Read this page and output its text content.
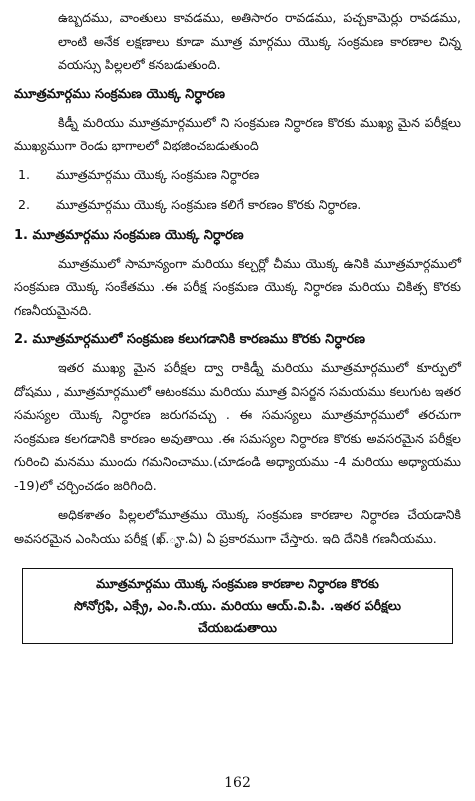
ఉబ్బదము, వాంతులు కావడము, అతిసారం రావడము, పచ్చకామెర్లు రావడము, లాంటి అనేక లక్షణాలు కూడా మూత్ర మార్గము యొక్క సంక్రమణ కారణాల చిన్న వయస్సు పిల్లలలో కనబడుతుంది.

మూత్రమార్గము సంక్రమణ యొక్క నిర్ధారణ

కిడ్నీ మరియు మూత్రమార్గములో ని సంక్రమణ నిర్ధారణ కొరకు ముఖ్య మైన పరీక్షలు ముఖ్యముగా రెండు భాగాలలో విభజించబడుతుంది

1.	మూత్రమార్గము యొక్క సంక్రమణ నిర్ధారణ
2.	మూత్రమార్గము యొక్క సంక్రమణ కలిగే కారణం కొరకు నిర్ధారణ.
1. మూత్రమార్గము సంక్రమణ యొక్క నిర్ధారణ

మూత్రములో సామాన్యంగా మరియు కల్చర్లో చీము యొక్క ఉనికి మూత్రమార్గములో సంక్రమణ యొక్క సంకేతము .ఈ పరీక్ష సంక్రమణ యొక్క నిర్ధారణ మరియు చికిత్స కొరకు గణనీయమైనది.

2. మూత్రమార్గములో సంక్రమణ కలుగడానికి కారణము కొరకు నిర్ధారణ

ఇతర ముఖ్య మైన పరీక్షల ద్వా రాకిడ్నీ మరియు మూత్రమార్గములో కూర్పులో దోషము , మూత్రమార్గములో ఆటంకము మరియు మూత్ర విసర్జన సమయము కలుగుట ఇతర సమస్యల యొక్క నిర్ధారణ జరుగవచ్చు . ఈ సమస్యలు మూత్రమార్గములో తరచుగా సంక్రమణ కలగడానికి కారణం అవుతాయి .ఈ సమస్యల నిర్ధారణ కొరకు అవసరమైన పరీక్షల గురించి మనము ముందు గమనించాము.(చూడండి అధ్యాయము -4 మరియు అధ్యాయము -19)లో చర్చించడం జరిగింది.

అధికశాతం పిల్లలలోమూత్రము యొక్క సంక్రమణ కారణాల నిర్ధారణ చేయడానికి అవసరమైన ఎంసియు పరీక్ష (ఖ్.ౄ.ఏ) ఏ ప్రకారముగా చేస్తారు. ఇది దేనికి గణనీయము.

మూత్రమార్గము యొక్క సంక్రమణ కారణాల నిర్ధారణ కొరకు
సోనోగ్రఫి, ఎక్స్రే, ఎం.సి.యు. మరియు ఆయ్.వి.పి. .ఇతర పరీక్షలు
చేయబడుతాయి
162
